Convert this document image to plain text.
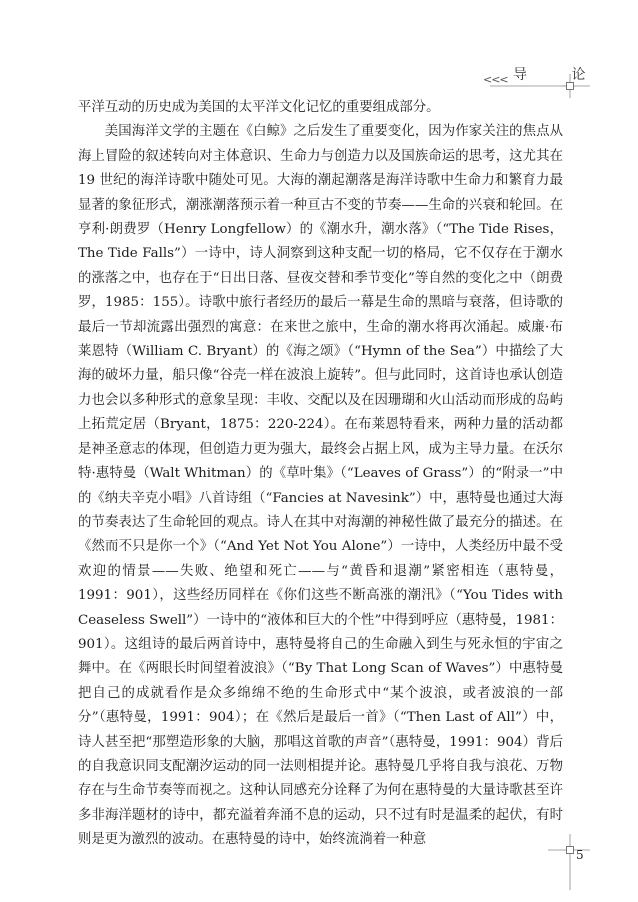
<<< 导 论

平洋互动的历史成为美国的太平洋文化记忆的重要组成部分。

美国海洋文学的主题在《白鲸》之后发生了重要变化，因为作家关注的焦点从海上冒险的叙述转向对主体意识、生命力与创造力以及国族命运的思考，这尤其在19 世纪的海洋诗歌中随处可见。大海的潮起潮落是海洋诗歌中生命力和繁育力最显著的象征形式，潮涨潮落预示着一种亘古不变的节奏——生命的兴衰和轮回。在亨利·朗费罗（Henry Longfellow）的《潮水升，潮水落》（“The Tide Rises，The Tide Falls”）一诗中，诗人洞察到这种支配一切的格局，它不仅存在于潮水的涨落之中，也存在于“日出日落、昼夜交替和季节变化”等自然的变化之中（朗费罗，1985：155）。诗歌中旅行者经历的最后一幕是生命的黑暗与衰落，但诗歌的最后一节却流露出强烈的寓意：在来世之旅中，生命的潮水将再次涌起。威廉·布莱恩特（William C. Bryant）的《海之颂》（“Hymn of the Sea”）中描绘了大海的破坏力量，船只像“谷壳一样在波浪上旋转”。但与此同时，这首诗也承认创造力也会以多种形式的意象呈现：丰收、交配以及在因珊瑚和火山活动而形成的岛屿上拓荒定居（Bryant，1875：220-224）。在布莱恩特看来，两种力量的活动都是神圣意志的体现，但创造力更为强大，最终会占据上风，成为主导力量。在沃尔特·惠特曼（Walt Whitman）的《草叶集》（“Leaves of Grass”）的“附录一”中的《纳夫辛克小唱》八首诗组（“Fancies at Navesink”）中，惠特曼也通过大海的节奏表达了生命轮回的观点。诗人在其中对海潮的神秘性做了最充分的描述。在《然而不只是你一个》（“And Yet Not You Alone”）一诗中，人类经历中最不受欢迎的情景——失败、绝望和死亡——与“黄昏和退潮”紧密相连（惠特曼，1991：901），这些经历同样在《你们这些不断高涨的潮汛》（“You Tides with Ceaseless Swell”）一诗中的“液体和巨大的个性”中得到呼应（惠特曼，1981：901）。这组诗的最后两首诗中，惠特曼将自己的生命融入到生与死永恒的宇宙之舞中。在《两眼长时间望着波浪》（“By That Long Scan of Waves”）中惠特曼把自己的成就看作是众多绵绵不绝的生命形式中“某个波浪，或者波浪的一部分”（惠特曼，1991：904）；在《然后是最后一首》（“Then Last of All”）中，诗人甚至把“那塑造形象的大脑，那唱这首歌的声音”（惠特曼，1991：904）背后的自我意识同支配潮汐运动的同一法则相提并论。惠特曼几乎将自我与浪花、万物存在与生命节奏等而视之。这种认同感充分诠释了为何在惠特曼的大量诗歌甚至许多非海洋题材的诗中，都充溢着奔涌不息的运动，只不过有时是温柔的起伏，有时则是更为激烈的波动。在惠特曼的诗中，始终流淌着一种意

5
